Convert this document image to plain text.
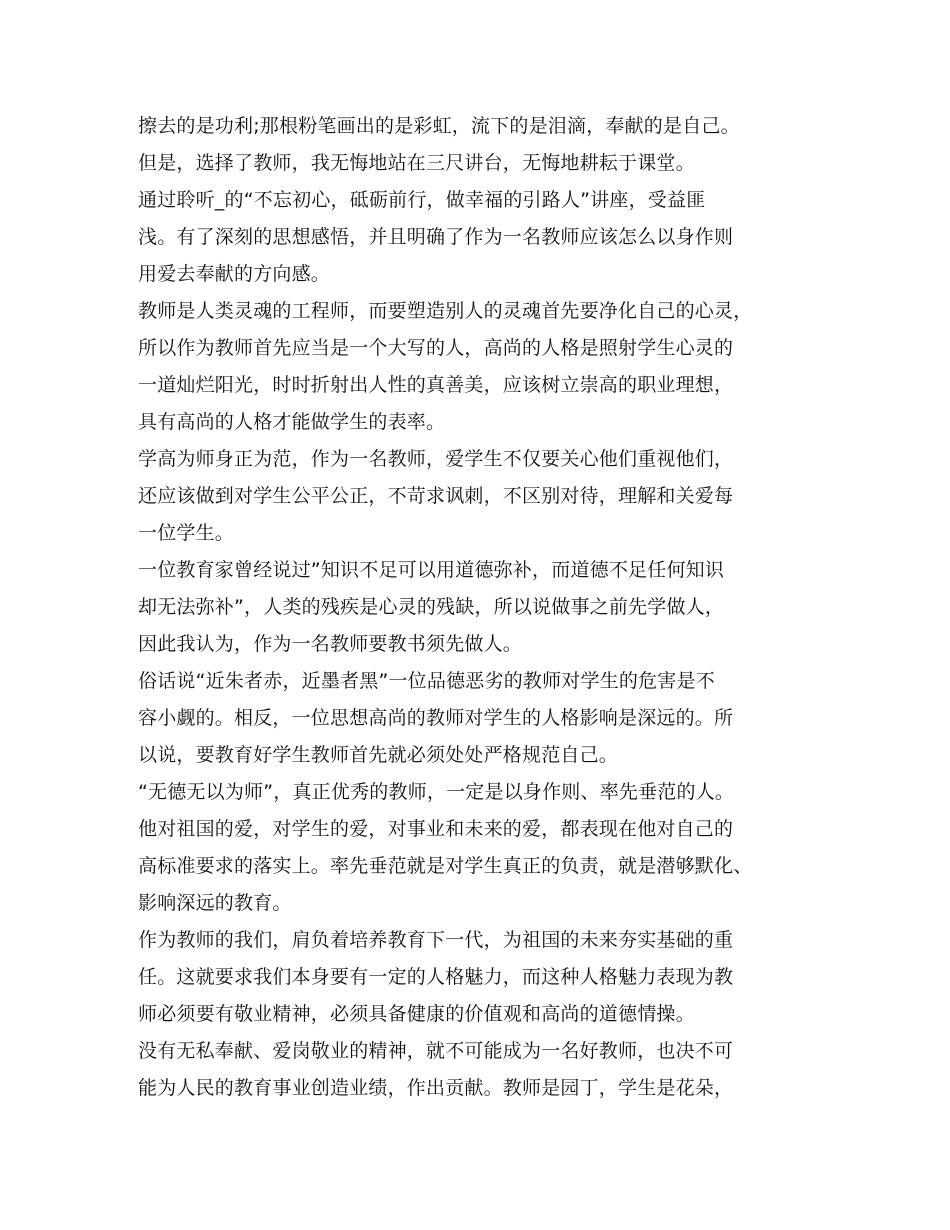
擦去的是功利;那根粉笔画出的是彩虹，流下的是泪滴，奉献的是自己。
但是，选择了教师，我无悔地站在三尺讲台，无悔地耕耘于课堂。
通过聆听_的“不忘初心，砥砺前行，做幸福的引路人”讲座，受益匪
浅。有了深刻的思想感悟，并且明确了作为一名教师应该怎么以身作则
用爱去奉献的方向感。
教师是人类灵魂的工程师，而要塑造别人的灵魂首先要净化自己的心灵，
所以作为教师首先应当是一个大写的人，高尚的人格是照射学生心灵的
一道灿烂阳光，时时折射出人性的真善美，应该树立崇高的职业理想，
具有高尚的人格才能做学生的表率。
学高为师身正为范，作为一名教师，爱学生不仅要关心他们重视他们，
还应该做到对学生公平公正，不苛求讽刺，不区别对待，理解和关爱每
一位学生。
一位教育家曾经说过”知识不足可以用道德弥补，而道德不足任何知识
却无法弥补”，人类的残疾是心灵的残缺，所以说做事之前先学做人，
因此我认为，作为一名教师要教书须先做人。
俗话说“近朱者赤，近墨者黑”一位品德恶劣的教师对学生的危害是不
容小觑的。相反，一位思想高尚的教师对学生的人格影响是深远的。所
以说，要教育好学生教师首先就必须处处严格规范自己。
“无德无以为师”，真正优秀的教师，一定是以身作则、率先垂范的人。
他对祖国的爱，对学生的爱，对事业和未来的爱，都表现在他对自己的
高标准要求的落实上。率先垂范就是对学生真正的负责，就是潜够默化、
影响深远的教育。
作为教师的我们，肩负着培养教育下一代，为祖国的未来夯实基础的重
任。这就要求我们本身要有一定的人格魅力，而这种人格魅力表现为教
师必须要有敬业精神，必须具备健康的价值观和高尚的道德情操。
没有无私奉献、爱岗敬业的精神，就不可能成为一名好教师，也决不可
能为人民的教育事业创造业绩，作出贡献。教师是园丁，学生是花朵，
